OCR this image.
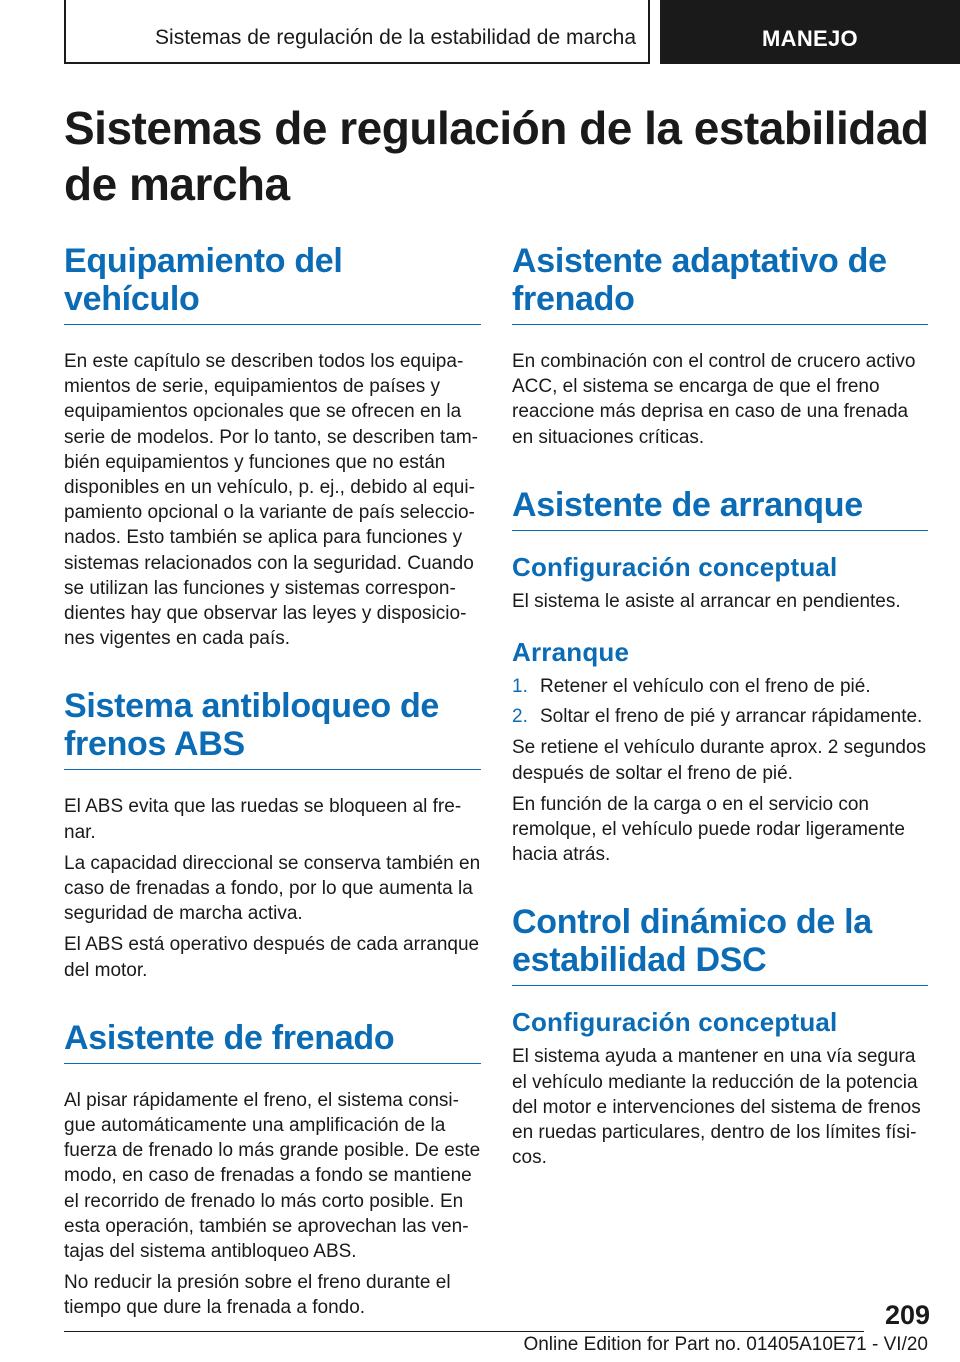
Sistemas de regulación de la estabilidad de marcha	MANEJO
Sistemas de regulación de la estabilidad de marcha
Equipamiento del vehículo

En este capítulo se describen todos los equipamientos de serie, equipamientos de países y equipamientos opcionales que se ofrecen en la serie de modelos. Por lo tanto, se describen también equipamientos y funciones que no están disponibles en un vehículo, p. ej., debido al equipamiento opcional o la variante de país seleccionados. Esto también se aplica para funciones y sistemas relacionados con la seguridad. Cuando se utilizan las funciones y sistemas correspondientes hay que observar las leyes y disposiciones vigentes en cada país.

Sistema antibloqueo de frenos ABS

El ABS evita que las ruedas se bloqueen al frenar.

La capacidad direccional se conserva también en caso de frenadas a fondo, por lo que aumenta la seguridad de marcha activa.

El ABS está operativo después de cada arranque del motor.

Asistente de frenado

Al pisar rápidamente el freno, el sistema consigue automáticamente una amplificación de la fuerza de frenado lo más grande posible. De este modo, en caso de frenadas a fondo se mantiene el recorrido de frenado lo más corto posible. En esta operación, también se aprovechan las ventajas del sistema antibloqueo ABS.

No reducir la presión sobre el freno durante el tiempo que dure la frenada a fondo.

Asistente adaptativo de frenado

En combinación con el control de crucero activo ACC, el sistema se encarga de que el freno reaccione más deprisa en caso de una frenada en situaciones críticas.

Asistente de arranque
Configuración conceptual

El sistema le asiste al arrancar en pendientes.

Arranque
1. Retener el vehículo con el freno de pié.
2. Soltar el freno de pié y arrancar rápidamente.

Se retiene el vehículo durante aprox. 2 segundos después de soltar el freno de pié.

En función de la carga o en el servicio con remolque, el vehículo puede rodar ligeramente hacia atrás.

Control dinámico de la estabilidad DSC
Configuración conceptual

El sistema ayuda a mantener en una vía segura el vehículo mediante la reducción de la potencia del motor e intervenciones del sistema de frenos en ruedas particulares, dentro de los límites físicos.

209
Online Edition for Part no. 01405A10E71 - VI/20
